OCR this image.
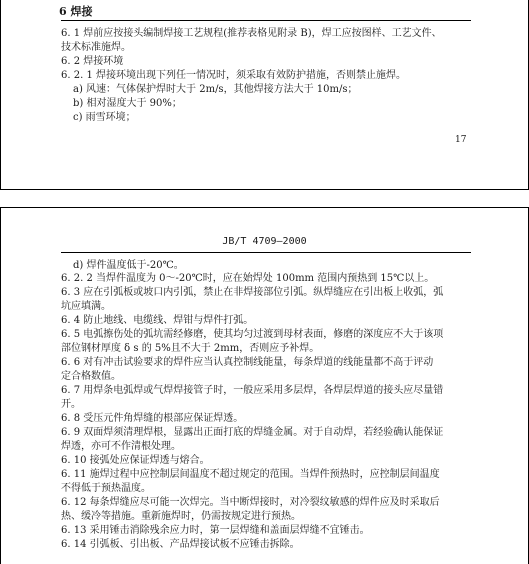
6 焊接
6. 1 焊前应按接头编制焊接工艺规程(推荐表格见附录 B)，焊工应按图样、工艺文件、
技术标准施焊。
6. 2 焊接环境
6. 2. 1 焊接环境出现下列任一情况时，须采取有效防护措施，否则禁止施焊。
a) 风速：气体保护焊时大于 2m/s，其他焊接方法大于 10m/s；
b) 相对湿度大于 90%；
c) 雨雪环境；
17
JB/T 4709—2000
d) 焊件温度低于-20℃。
6. 2. 2 当焊件温度为 0～-20℃时，应在始焊处 100mm 范围内预热到 15℃以上。
6. 3 应在引弧板或坡口内引弧，禁止在非焊接部位引弧。纵焊缝应在引出板上收弧，弧
坑应填满。
6. 4 防止地线、电缆线、焊钳与焊件打弧。
6. 5 电弧擦伤处的弧坑需经修磨，使其均匀过渡到母材表面，修磨的深度应不大于该项
部位钢材厚度 δ s 的 5%且不大于 2mm，否则应予补焊。
6. 6 对有冲击试验要求的焊件应当认真控制线能量，每条焊道的线能量都不高于评动
定合格数值。
6. 7 用焊条电弧焊或气焊焊接管子时，一般应采用多层焊，各焊层焊道的接头应尽量错
开。
6. 8 受压元件角焊缝的根部应保证焊透。
6. 9 双面焊须清理焊根，显露出正面打底的焊缝金属。对于自动焊，若经验确认能保证
焊透，亦可不作清根处理。
6. 10 接弧处应保证焊透与熔合。
6. 11 施焊过程中应控制层间温度不超过规定的范围。当焊件预热时，应控制层间温度
不得低于预热温度。
6. 12 每条焊缝应尽可能一次焊完。当中断焊接时，对冷裂纹敏感的焊件应及时采取后
热、缓冷等措施。重新施焊时，仍需按规定进行预热。
6. 13 采用锤击消除残余应力时，第一层焊缝和盖面层焊缝不宜锤击。
6. 14 引弧板、引出板、产品焊接试板不应锤击拆除。
